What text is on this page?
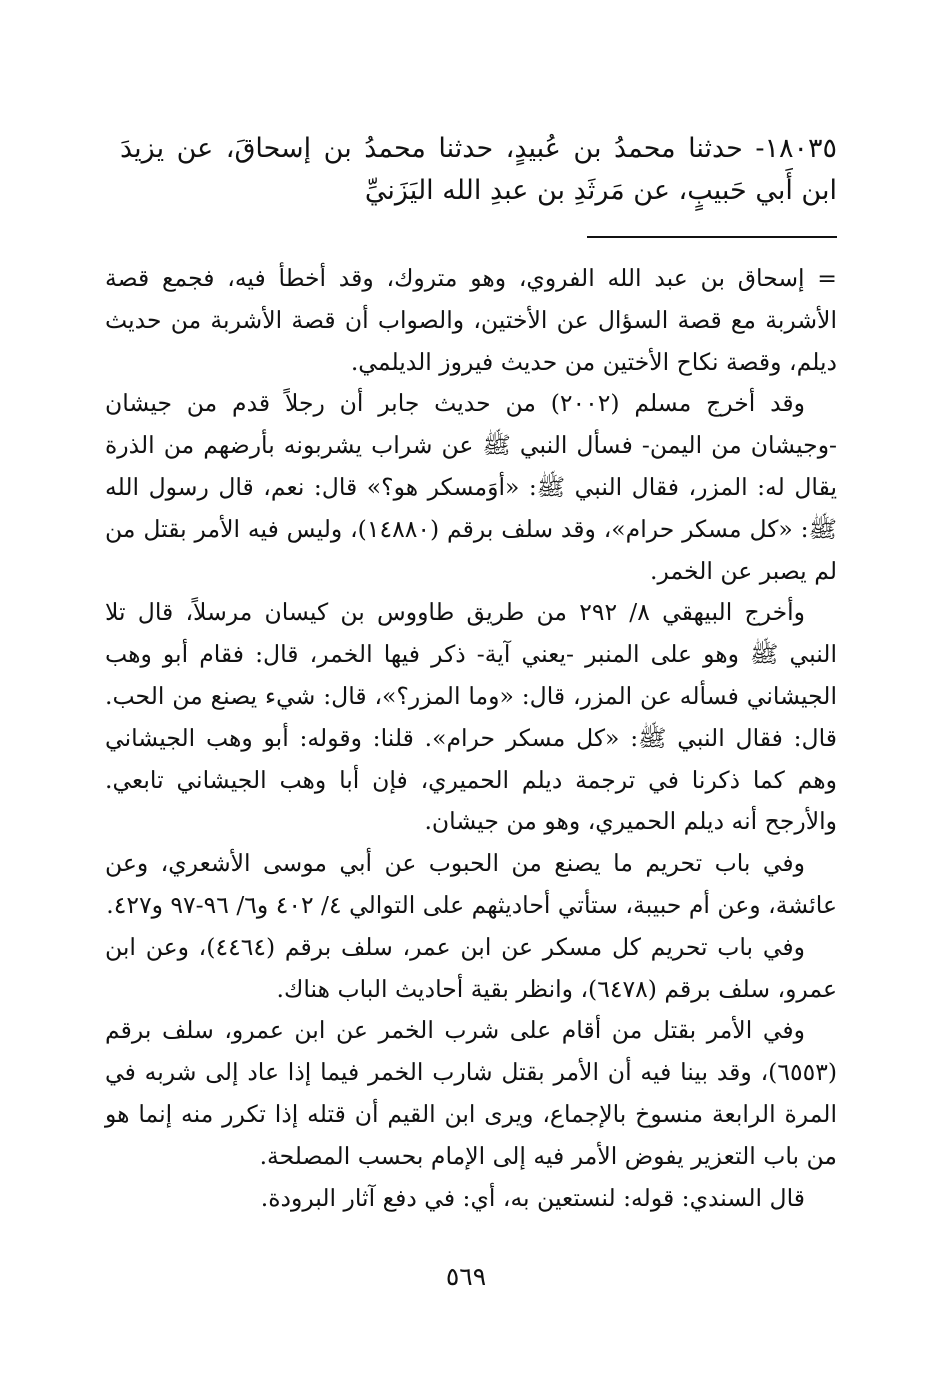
١٨٠٣٥- حدثنا محمدُ بن عُبيدٍ، حدثنا محمدُ بن إسحاقَ، عن يزيدَ ابن أَبي حَبيبٍ، عن مَرثَدِ بن عبدِ الله اليَزَنيِّ

= إسحاق بن عبد الله الفروي، وهو متروك، وقد أخطأ فيه، فجمع قصة الأشربة مع قصة السؤال عن الأختين، والصواب أن قصة الأشربة من حديث ديلم، وقصة نكاح الأختين من حديث فيروز الديلمي.

وقد أخرج مسلم (٢٠٠٢) من حديث جابر أن رجلاً قدم من جيشان -وجيشان من اليمن- فسأل النبي ﷺ عن شراب يشربونه بأرضهم من الذرة يقال له: المزر، فقال النبي ﷺ: «أوَمسكر هو؟» قال: نعم، قال رسول الله ﷺ: «كل مسكر حرام»، وقد سلف برقم (١٤٨٨٠)، وليس فيه الأمر بقتل من لم يصبر عن الخمر.

وأخرج البيهقي ٨/ ٢٩٢ من طريق طاووس بن كيسان مرسلاً، قال تلا النبي ﷺ وهو على المنبر -يعني آية- ذكر فيها الخمر، قال: فقام أبو وهب الجيشاني فسأله عن المزر، قال: «وما المزر؟»، قال: شيء يصنع من الحب. قال: فقال النبي ﷺ: «كل مسكر حرام». قلنا: وقوله: أبو وهب الجيشاني وهم كما ذكرنا في ترجمة ديلم الحميري، فإن أبا وهب الجيشاني تابعي. والأرجح أنه ديلم الحميري، وهو من جيشان.

وفي باب تحريم ما يصنع من الحبوب عن أبي موسى الأشعري، وعن عائشة، وعن أم حبيبة، ستأتي أحاديثهم على التوالي ٤/ ٤٠٢ و٦/ ٩٦-٩٧ و٤٢٧.

وفي باب تحريم كل مسكر عن ابن عمر، سلف برقم (٤٤٦٤)، وعن ابن عمرو، سلف برقم (٦٤٧٨)، وانظر بقية أحاديث الباب هناك.

وفي الأمر بقتل من أقام على شرب الخمر عن ابن عمرو، سلف برقم (٦٥٥٣)، وقد بينا فيه أن الأمر بقتل شارب الخمر فيما إذا عاد إلى شربه في المرة الرابعة منسوخ بالإجماع، ويرى ابن القيم أن قتله إذا تكرر منه إنما هو من باب التعزير يفوض الأمر فيه إلى الإمام بحسب المصلحة.

قال السندي: قوله: لنستعين به، أي: في دفع آثار البرودة.

٥٦٩
